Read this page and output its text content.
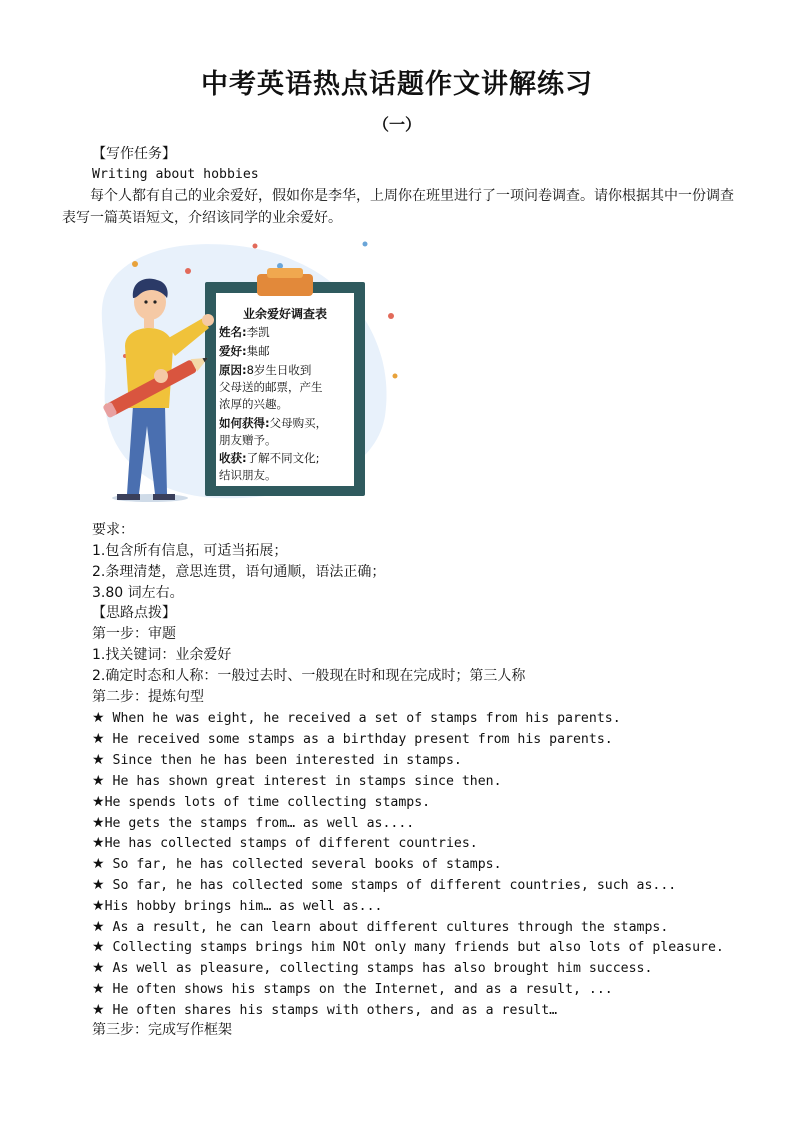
中考英语热点话题作文讲解练习
（一）
【写作任务】
Writing about hobbies
每个人都有自己的业余爱好，假如你是李华，上周你在班里进行了一项问卷调查。请你根据其中一份调查表写一篇英语短文，介绍该同学的业余爱好。
业余爱好调查表
姓名:李凯
爱好:集邮
原因:8岁生日收到
父母送的邮票，产生
浓厚的兴趣。
如何获得:父母购买，
朋友赠予。
收获:了解不同文化;
结识朋友。
要求：
1.包含所有信息，可适当拓展；
2.条理清楚，意思连贯，语句通顺，语法正确；
3.80 词左右。
【思路点拨】
第一步：审题
1.找关键词：业余爱好
2.确定时态和人称：一般过去时、一般现在时和现在完成时；第三人称
第二步：提炼句型
★ When he was eight, he received a set of stamps from his parents.
★ He received some stamps as a birthday present from his parents.
★ Since then he has been interested in stamps.
★ He has shown great interest in stamps since then.
★He spends lots of time collecting stamps.
★He gets the stamps from… as well as....
★He has collected stamps of different countries.
★ So far, he has collected several books of stamps.
★ So far, he has collected some stamps of different countries, such as...
★His hobby brings him… as well as...
★ As a result, he can learn about different cultures through the stamps.
★ Collecting stamps brings him NOt only many friends but also lots of pleasure.
★ As well as pleasure, collecting stamps has also brought him success.
★ He often shows his stamps on the Internet, and as a result, ...
★ He often shares his stamps with others, and as a result…
第三步：完成写作框架
